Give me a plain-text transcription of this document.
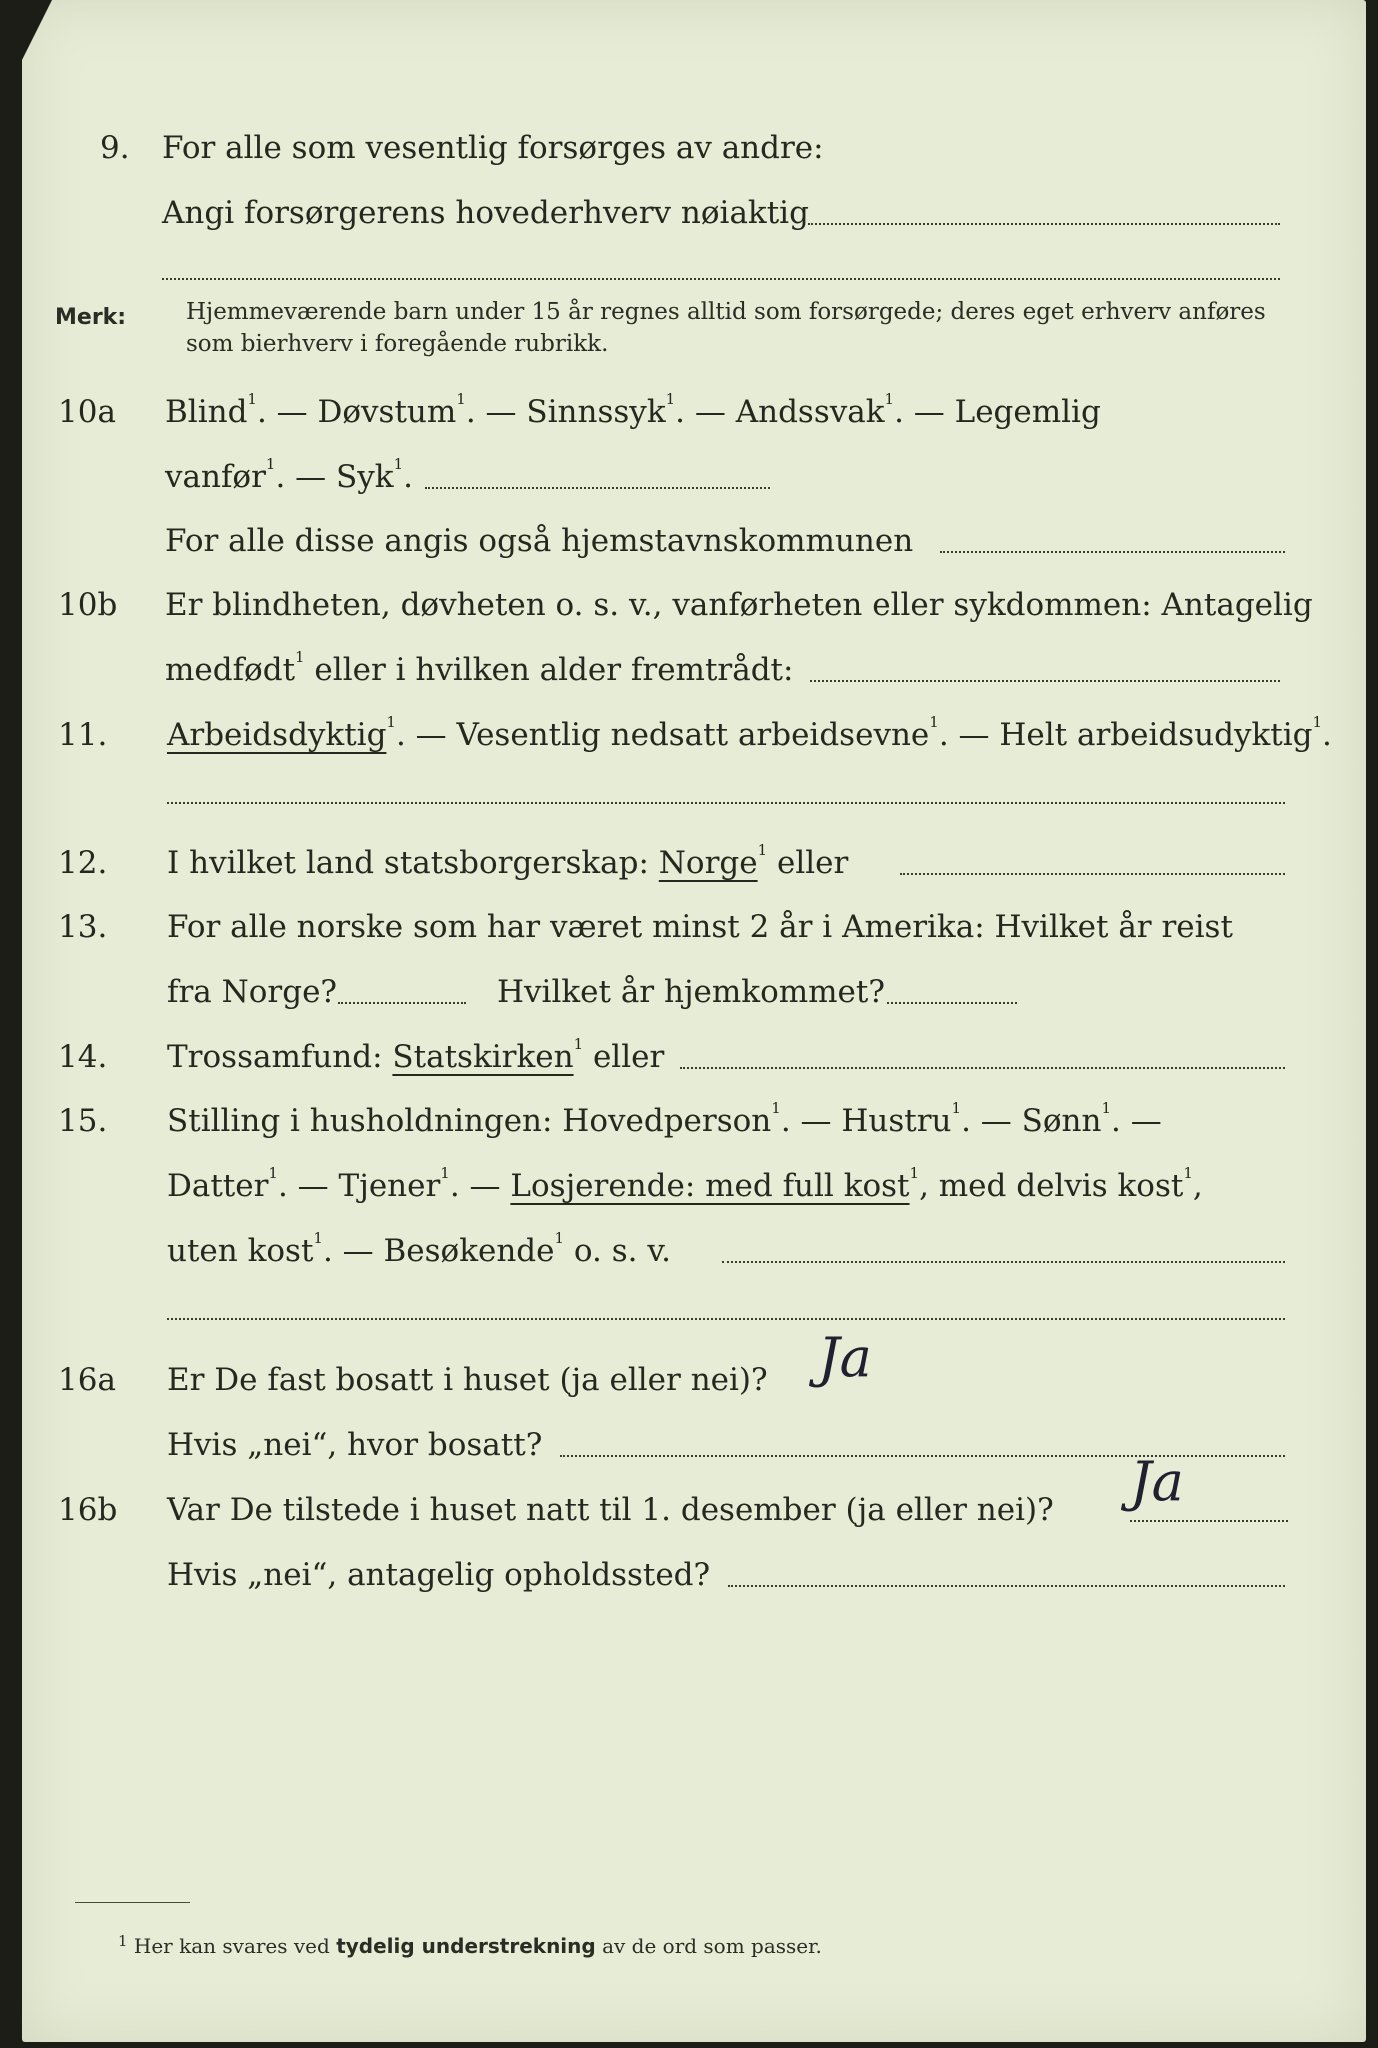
9. For alle som vesentlig forsørges av andre:
Angi forsørgerens hovederhverv nøiaktig
Merk:	Hjemmeværende barn under 15 år regnes alltid som forsørgede; deres eget erhverv anføres som bierhverv i foregående rubrikk.
10a Blind$^1$. — Døvstum$^1$. — Sinnssyk$^1$. — Andssvak$^1$. — Legemlig
vanfør$^1$. — Syk$^1$.
For alle disse angis også hjemstavnskommunen
10b Er blindheten, døvheten o. s. v., vanførheten eller sykdommen: Antagelig
medfødt$^1$ eller i hvilken alder fremtrådt:
11. Arbeidsdyktig$^1$. — Vesentlig nedsatt arbeidsevne$^1$. — Helt arbeidsudyktig$^1$.
12. I hvilket land statsborgerskap: Norge$^1$ eller
13. For alle norske som har været minst 2 år i Amerika: Hvilket år reist
fra Norge?	Hvilket år hjemkommet?
14. Trossamfund: Statskirken$^1$ eller
15. Stilling i husholdningen: Hovedperson$^1$. — Hustru$^1$. — Sønn$^1$. —
Datter$^1$. — Tjener$^1$. — Losjerende: med full kost$^1$, med delvis kost$^1$,
uten kost$^1$. — Besøkende$^1$ o. s. v.
16a Er De fast bosatt i huset (ja eller nei)? Ja
Hvis „nei“, hvor bosatt?
16b Var De tilstede i huset natt til 1. desember (ja eller nei)? Ja
Hvis „nei“, antagelig opholdssted?
$^1$ Her kan svares ved tydelig understrekning av de ord som passer.
